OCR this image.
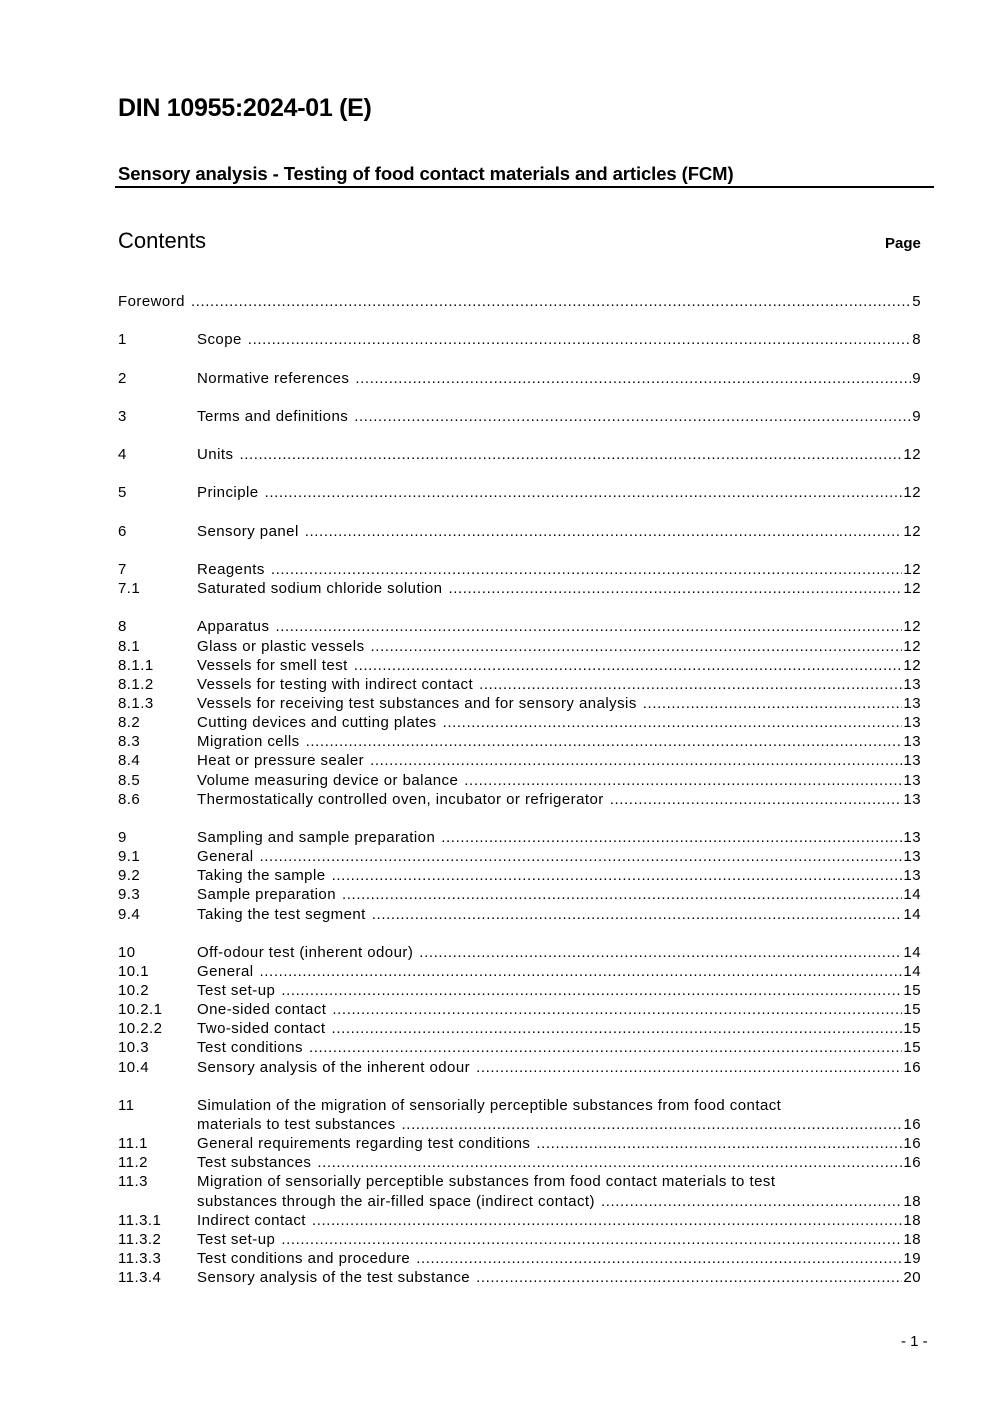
DIN 10955:2024-01 (E)
Sensory analysis - Testing of food contact materials and articles (FCM)
Contents	Page
Foreword .....	5
1	Scope .....	8
2	Normative references .....	9
3	Terms and definitions .....	9
4	Units .....	12
5	Principle .....	12
6	Sensory panel .....	12
7	Reagents .....	12
7.1	Saturated sodium chloride solution .....	12
8	Apparatus .....	12
8.1	Glass or plastic vessels .....	12
8.1.1	Vessels for smell test .....	12
8.1.2	Vessels for testing with indirect contact .....	13
8.1.3	Vessels for receiving test substances and for sensory analysis .....	13
8.2	Cutting devices and cutting plates .....	13
8.3	Migration cells .....	13
8.4	Heat or pressure sealer .....	13
8.5	Volume measuring device or balance .....	13
8.6	Thermostatically controlled oven, incubator or refrigerator .....	13
9	Sampling and sample preparation .....	13
9.1	General .....	13
9.2	Taking the sample .....	13
9.3	Sample preparation .....	14
9.4	Taking the test segment .....	14
10	Off-odour test (inherent odour) .....	14
10.1	General .....	14
10.2	Test set-up .....	15
10.2.1	One-sided contact .....	15
10.2.2	Two-sided contact .....	15
10.3	Test conditions .....	15
10.4	Sensory analysis of the inherent odour .....	16
11	Simulation of the migration of sensorially perceptible substances from food contact
materials to test substances .....	16
11.1	General requirements regarding test conditions .....	16
11.2	Test substances .....	16
11.3	Migration of sensorially perceptible substances from food contact materials to test
substances through the air-filled space (indirect contact) .....	18
11.3.1	Indirect contact .....	18
11.3.2	Test set-up .....	18
11.3.3	Test conditions and procedure .....	19
11.3.4	Sensory analysis of the test substance .....	20
- 1 -
